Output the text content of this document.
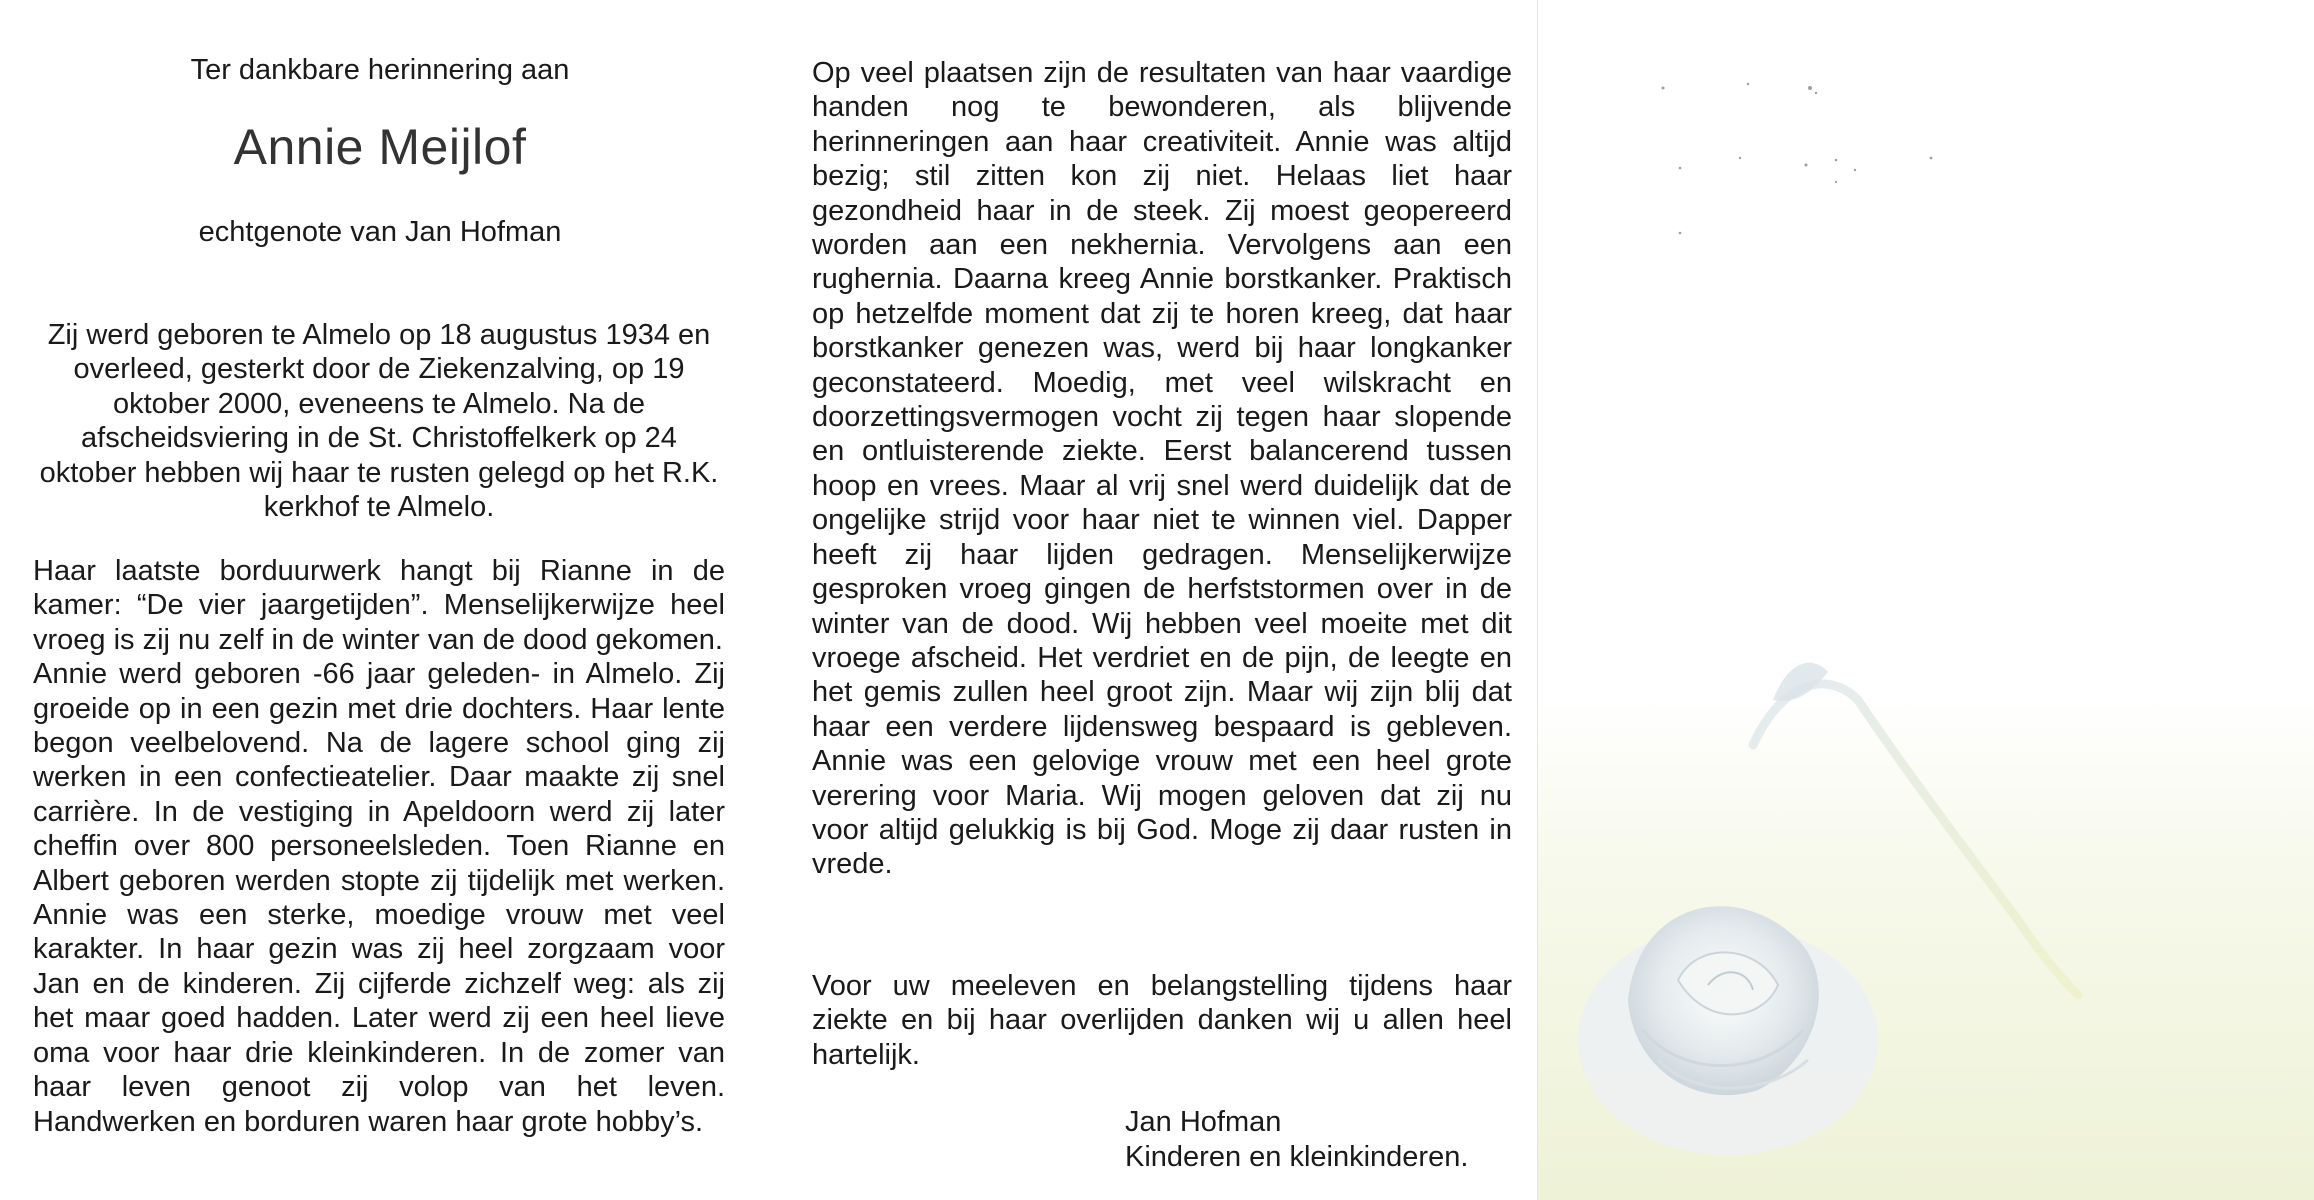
Ter dankbare herinnering aan
Annie Meijlof
echtgenote van Jan Hofman

Zij werd geboren te Almelo op 18 augustus 1934 en overleed, gesterkt door de Ziekenzalving, op 19 oktober 2000, eveneens te Almelo. Na de afscheidsviering in de St. Christoffelkerk op 24 oktober hebben wij haar te rusten gelegd op het R.K. kerkhof te Almelo.

Haar laatste borduurwerk hangt bij Rianne in de kamer: “De vier jaargetijden”. Menselijkerwijze heel vroeg is zij nu zelf in de winter van de dood gekomen.

Annie werd geboren -66 jaar geleden- in Almelo. Zij groeide op in een gezin met drie dochters. Haar lente begon veelbelovend. Na de lagere school ging zij werken in een confectieatelier. Daar maakte zij snel carrière. In de vestiging in Apeldoorn werd zij later cheffin over 800 personeelsleden. Toen Rianne en Albert geboren werden stopte zij tijdelijk met werken. Annie was een sterke, moedige vrouw met veel karakter. In haar gezin was zij heel zorgzaam voor Jan en de kinderen. Zij cijferde zichzelf weg: als zij het maar goed hadden. Later werd zij een heel lieve oma voor haar drie kleinkinderen. In de zomer van haar leven genoot zij volop van het leven. Handwerken en borduren waren haar grote hobby’s.

Op veel plaatsen zijn de resultaten van haar vaardige handen nog te bewonderen, als blijvende herinneringen aan haar creativiteit. Annie was altijd bezig; stil zitten kon zij niet. Helaas liet haar gezondheid haar in de steek. Zij moest geopereerd worden aan een nekhernia. Vervolgens aan een rughernia. Daarna kreeg Annie borstkanker. Praktisch op hetzelfde moment dat zij te horen kreeg, dat haar borstkanker genezen was, werd bij haar longkanker geconstateerd. Moedig, met veel wilskracht en doorzettingsvermogen vocht zij tegen haar slopende en ontluisterende ziekte. Eerst balancerend tussen hoop en vrees. Maar al vrij snel werd duidelijk dat de ongelijke strijd voor haar niet te winnen viel. Dapper heeft zij haar lijden gedragen. Menselijkerwijze gesproken vroeg gingen de herfststormen over in de winter van de dood. Wij hebben veel moeite met dit vroege afscheid. Het verdriet en de pijn, de leegte en het gemis zullen heel groot zijn. Maar wij zijn blij dat haar een verdere lijdensweg bespaard is gebleven. Annie was een gelovige vrouw met een heel grote verering voor Maria. Wij mogen geloven dat zij nu voor altijd gelukkig is bij God. Moge zij daar rusten in vrede.

Voor uw meeleven en belangstelling tijdens haar ziekte en bij haar overlijden danken wij u allen heel hartelijk.

Jan Hofman
Kinderen en kleinkinderen.
